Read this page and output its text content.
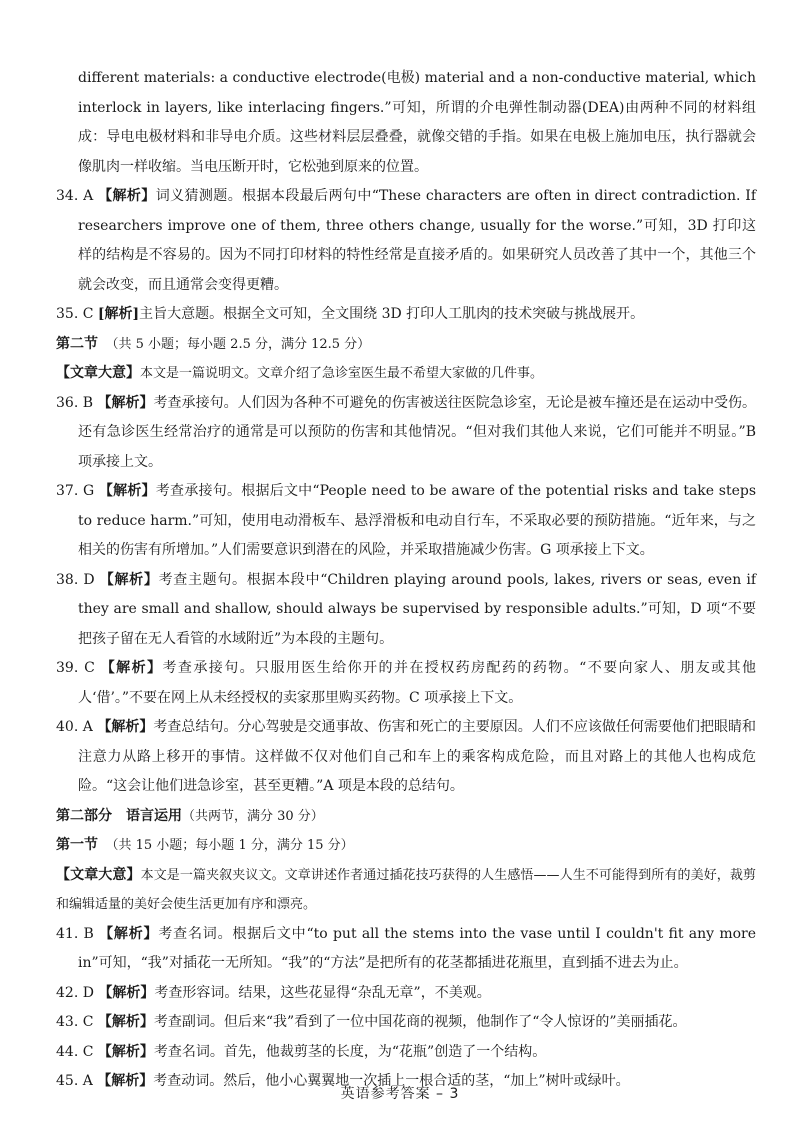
different materials: a conductive electrode(电极) material and a non-conductive material, which interlock in layers, like interlacing fingers.”可知，所谓的介电弹性制动器(DEA)由两种不同的材料组成：导电电极材料和非导电介质。这些材料层层叠叠，就像交错的手指。如果在电极上施加电压，执行器就会像肌肉一样收缩。当电压断开时，它松弛到原来的位置。

34. A 【解析】词义猜测题。根据本段最后两句中“These characters are often in direct contradiction. If researchers improve one of them, three others change, usually for the worse.”可知，3D 打印这样的结构是不容易的。因为不同打印材料的特性经常是直接矛盾的。如果研究人员改善了其中一个，其他三个就会改变，而且通常会变得更糟。

35. C [解析]主旨大意题。根据全文可知，全文围绕 3D 打印人工肌肉的技术突破与挑战展开。

第二节　 （共 5 小题；每小题 2.5 分，满分 12.5 分）

【文章大意】本文是一篇说明文。文章介绍了急诊室医生最不希望大家做的几件事。

36. B 【解析】考查承接句。人们因为各种不可避免的伤害被送往医院急诊室，无论是被车撞还是在运动中受伤。还有急诊医生经常治疗的通常是可以预防的伤害和其他情况。“但对我们其他人来说，它们可能并不明显。”B 项承接上文。

37. G 【解析】考查承接句。根据后文中“People need to be aware of the potential risks and take steps to reduce harm.”可知，使用电动滑板车、悬浮滑板和电动自行车，不采取必要的预防措施。“近年来，与之相关的伤害有所增加。”人们需要意识到潜在的风险，并采取措施减少伤害。G 项承接上下文。

38. D 【解析】考查主题句。根据本段中“Children playing around pools, lakes, rivers or seas, even if they are small and shallow, should always be supervised by responsible adults.”可知，D 项“不要把孩子留在无人看管的水域附近”为本段的主题句。

39. C 【解析】考查承接句。只服用医生给你开的并在授权药房配药的药物。“不要向家人、朋友或其他人‘借’。”不要在网上从未经授权的卖家那里购买药物。C 项承接上下文。

40. A 【解析】考查总结句。分心驾驶是交通事故、伤害和死亡的主要原因。人们不应该做任何需要他们把眼睛和注意力从路上移开的事情。这样做不仅对他们自己和车上的乘客构成危险，而且对路上的其他人也构成危险。“这会让他们进急诊室，甚至更糟。”A 项是本段的总结句。

第二部分　语言运用（共两节，满分 30 分）

第一节　 （共 15 小题；每小题 1 分，满分 15 分）

【文章大意】本文是一篇夹叙夹议文。文章讲述作者通过插花技巧获得的人生感悟——人生不可能得到所有的美好，裁剪和编辑适量的美好会使生活更加有序和漂亮。

41. B 【解析】考查名词。根据后文中“to put all the stems into the vase until I couldn't fit any more in”可知，“我”对插花一无所知。“我”的“方法”是把所有的花茎都插进花瓶里，直到插不进去为止。

42. D 【解析】考查形容词。结果，这些花显得“杂乱无章”，不美观。

43. C 【解析】考查副词。但后来“我”看到了一位中国花商的视频，他制作了“令人惊讶的”美丽插花。

44. C 【解析】考查名词。首先，他裁剪茎的长度，为“花瓶”创造了一个结构。

45. A 【解析】考查动词。然后，他小心翼翼地一次插上一根合适的茎，“加上”树叶或绿叶。

英语参考答案 – 3
